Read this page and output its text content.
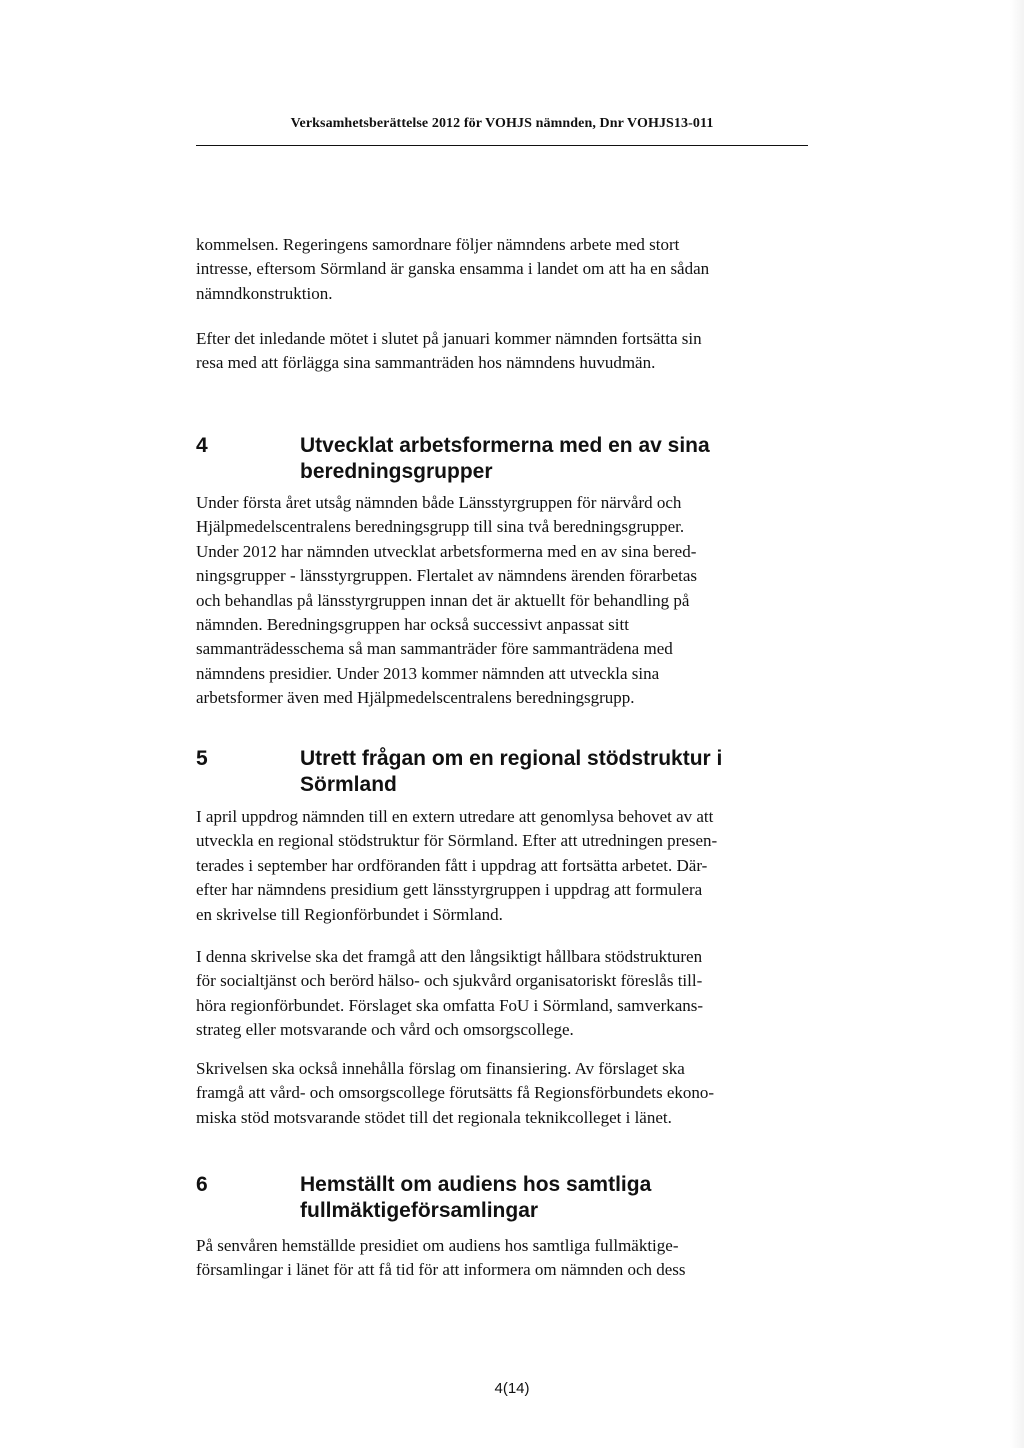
Verksamhetsberättelse 2012 för VOHJS nämnden, Dnr VOHJS13-011

kommelsen. Regeringens samordnare följer nämndens arbete med stort
intresse, eftersom Sörmland är ganska ensamma i landet om att ha en sådan
nämndkonstruktion.

Efter det inledande mötet i slutet på januari kommer nämnden fortsätta sin
resa med att förlägga sina sammanträden hos nämndens huvudmän.

4	Utvecklat arbetsformerna med en av sina
beredningsgrupper

Under första året utsåg nämnden både Länsstyrgruppen för närvård och
Hjälpmedelscentralens beredningsgrupp till sina två beredningsgrupper.
Under 2012 har nämnden utvecklat arbetsformerna med en av sina bered-
ningsgrupper - länsstyrgruppen. Flertalet av nämndens ärenden förarbetas
och behandlas på länsstyrgruppen innan det är aktuellt för behandling på
nämnden. Beredningsgruppen har också successivt anpassat sitt
sammanträdesschema så man sammanträder före sammanträdena med
nämndens presidier. Under 2013 kommer nämnden att utveckla sina
arbetsformer även med Hjälpmedelscentralens beredningsgrupp.

5	Utrett frågan om en regional stödstruktur i
Sörmland

I april uppdrog nämnden till en extern utredare att genomlysa behovet av att
utveckla en regional stödstruktur för Sörmland. Efter att utredningen presen-
terades i september har ordföranden fått i uppdrag att fortsätta arbetet. Där-
efter har nämndens presidium gett länsstyrgruppen i uppdrag att formulera
en skrivelse till Regionförbundet i Sörmland.

I denna skrivelse ska det framgå att den långsiktigt hållbara stödstrukturen
för socialtjänst och berörd hälso- och sjukvård organisatoriskt föreslås till-
höra regionförbundet. Förslaget ska omfatta FoU i Sörmland, samverkans-
strateg eller motsvarande och vård och omsorgscollege.

Skrivelsen ska också innehålla förslag om finansiering. Av förslaget ska
framgå att vård- och omsorgscollege förutsätts få Regionsförbundets ekono-
miska stöd motsvarande stödet till det regionala teknikcolleget i länet.

6	Hemställt om audiens hos samtliga
fullmäktigeförsamlingar

På senvåren hemställde presidiet om audiens hos samtliga fullmäktige-
församlingar i länet för att få tid för att informera om nämnden och dess

4(14)
